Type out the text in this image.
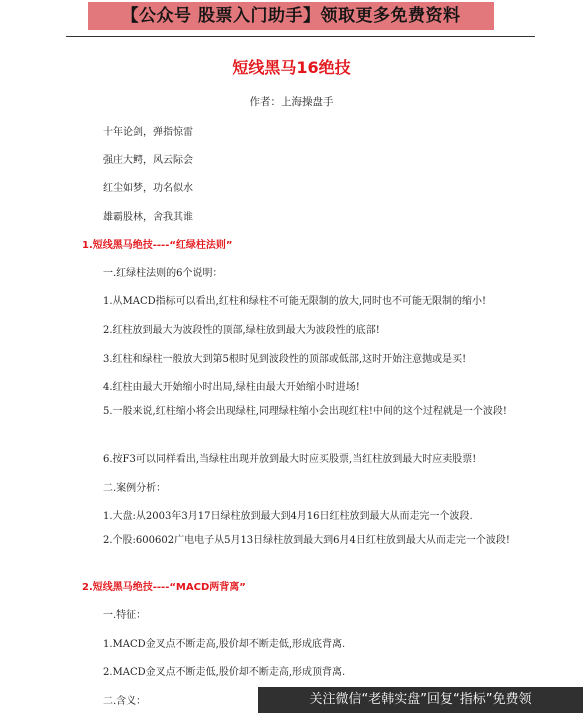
【公众号 股票入门助手】领取更多免费资料
短线黑马16绝技
作者：上海操盘手
十年论剑，弹指惊雷
强庄大鳄，风云际会
红尘如梦，功名似水
雄霸股林，舍我其谁
1.短线黑马绝技----“红绿柱法则”
一.红绿柱法则的6个说明：
1.从MACD指标可以看出,红柱和绿柱不可能无限制的放大,同时也不可能无限制的缩小!
2.红柱放到最大为波段性的顶部,绿柱放到最大为波段性的底部!
3.红柱和绿柱一般放大到第5根时见到波段性的顶部或低部,这时开始注意抛或是买!
4.红柱由最大开始缩小时出局,绿柱由最大开始缩小时进场!
5.一般来说,红柱缩小将会出现绿柱,同理绿柱缩小会出现红柱!中间的这个过程就是一个波段!
6.按F3可以同样看出,当绿柱出现并放到最大时应买股票,当红柱放到最大时应卖股票!
二.案例分析：
1.大盘:从2003年3月17日绿柱放到最大到4月16日红柱放到最大从而走完一个波段.
2.个股:600602广电电子从5月13日绿柱放到最大到6月4日红柱放到最大从而走完一个波段!
2.短线黑马绝技----“MACD两背离”
一.特征：
1.MACD金叉点不断走高,股价却不断走低,形成底背离.
2.MACD金叉点不断走低,股价却不断走高,形成顶背离.
二.含义：	关注微信“老韩实盘”回复“指标”免费领
